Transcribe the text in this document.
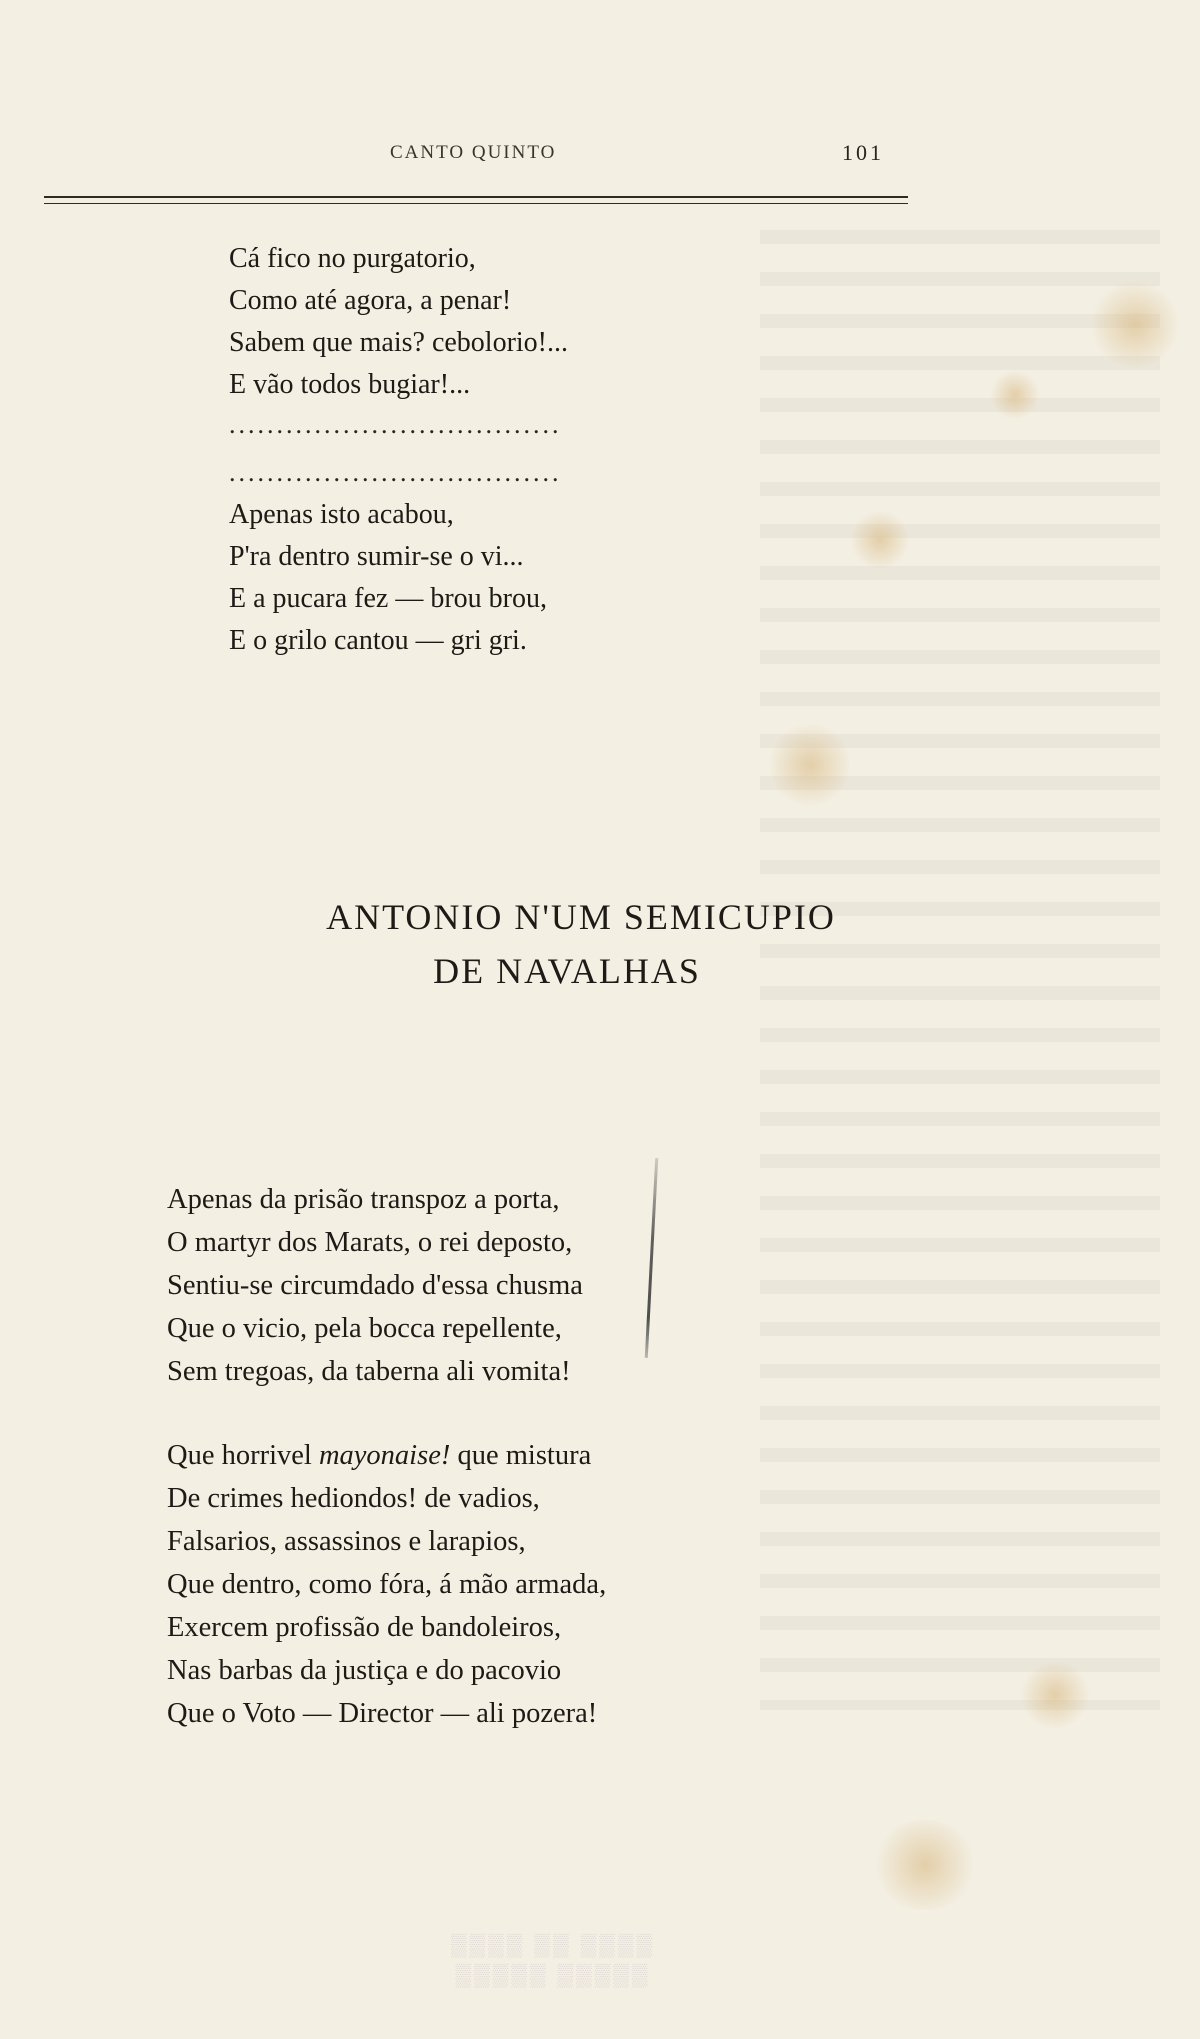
CANTO QUINTO	101
Cá fico no purgatorio,
Como até agora, a penar!
Sabem que mais? cebolorio!...
E vão todos bugiar!...
...................................
...................................
Apenas isto acabou,
P'ra dentro sumir-se o vi...
E a pucara fez — brou brou,
E o grilo cantou — gri gri.
ANTONIO N'UM SEMICUPIO
DE NAVALHAS
Apenas da prisão transpoz a porta,
O martyr dos Marats, o rei deposto,
Sentiu-se circumdado d'essa chusma
Que o vicio, pela bocca repellente,
Sem tregoas, da taberna ali vomita!
Que horrivel mayonaise! que mistura
De crimes hediondos! de vadios,
Falsarios, assassinos e larapios,
Que dentro, como fóra, á mão armada,
Exercem profissão de bandoleiros,
Nas barbas da justiça e do pacovio
Que o Voto — Director — ali pozera!
▒▒▒▒ ▒▒ ▒▒▒▒
▒▒▒▒▒ ▒▒▒▒▒
